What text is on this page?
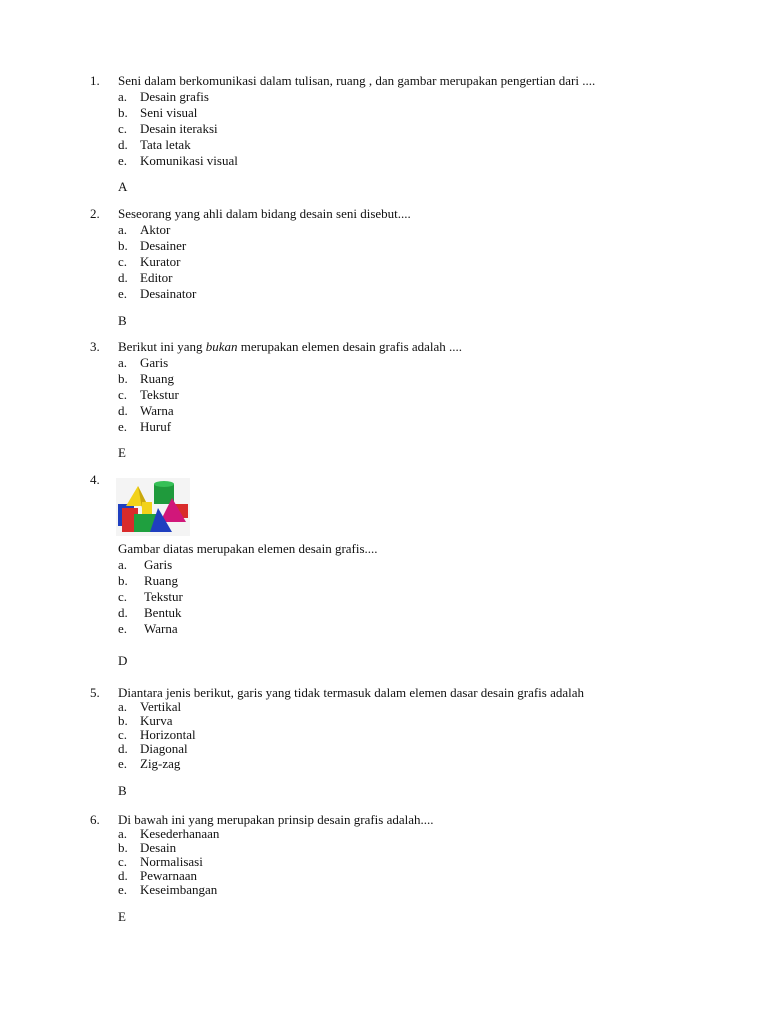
1. Seni dalam berkomunikasi dalam tulisan, ruang , dan gambar merupakan pengertian dari ....
a. Desain grafis
b. Seni visual
c. Desain iteraksi
d. Tata letak
e. Komunikasi visual
A
2. Seseorang yang ahli dalam bidang desain seni disebut....
a. Aktor
b. Desainer
c. Kurator
d. Editor
e. Desainator
B
3. Berikut ini yang bukan merupakan elemen desain grafis adalah ....
a. Garis
b. Ruang
c. Tekstur
d. Warna
e. Huruf
E
4.
Gambar diatas merupakan elemen desain grafis....
a. Garis
b. Ruang
c. Tekstur
d. Bentuk
e. Warna
D
5. Diantara jenis berikut, garis yang tidak termasuk dalam elemen dasar desain grafis adalah
a. Vertikal
b. Kurva
c. Horizontal
d. Diagonal
e. Zig-zag
B
6. Di bawah ini yang merupakan prinsip desain grafis adalah....
a. Kesederhanaan
b. Desain
c. Normalisasi
d. Pewarnaan
e. Keseimbangan
E
